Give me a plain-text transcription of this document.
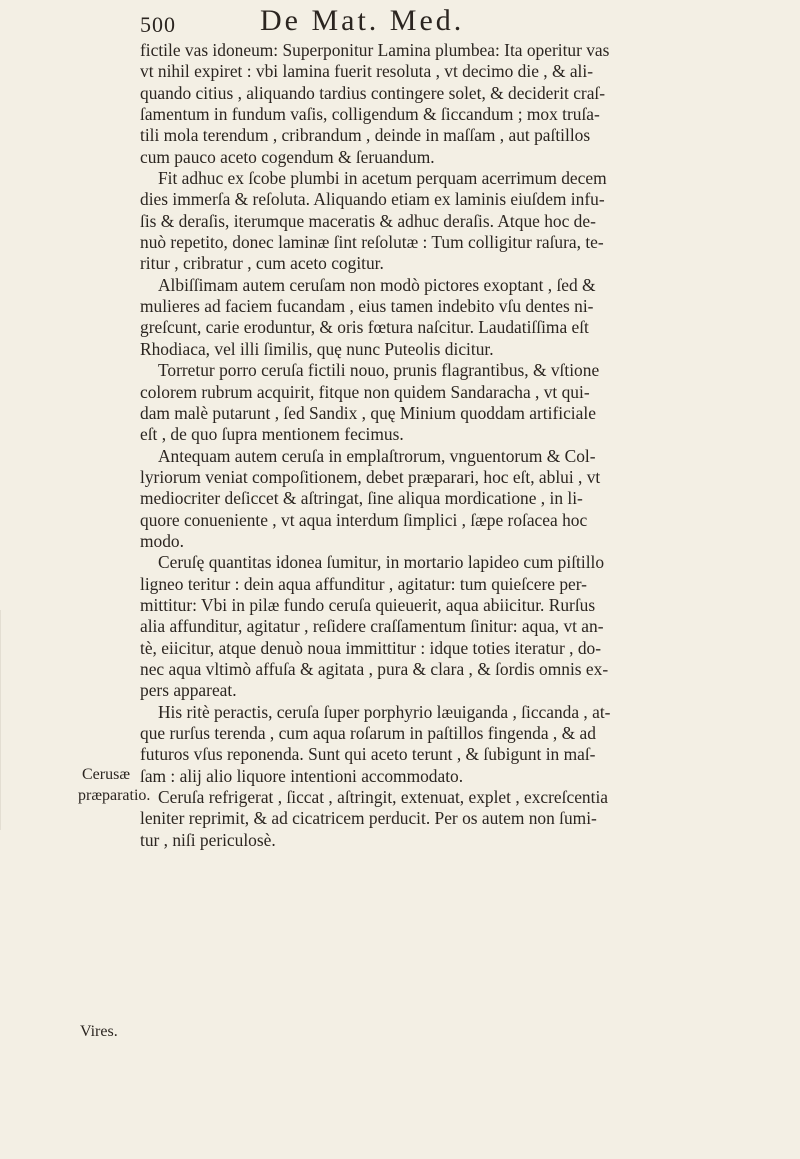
500	De Mat. Med.
Cerusæ
præparatio.
Vires.
fictile vas idoneum: Superponitur Lamina plumbea: Ita operitur vas
vt nihil expiret : vbi lamina fuerit resoluta , vt decimo die , & ali-
quando citius , aliquando tardius contingere solet, & deciderit craſ-
ſamentum in fundum vaſis, colligendum & ſiccandum ; mox truſa-
tili mola terendum , cribrandum , deinde in maſſam , aut paſtillos
cum pauco aceto cogendum & ſeruandum.
Fit adhuc ex ſcobe plumbi in acetum perquam acerrimum decem
dies immerſa & reſoluta. Aliquando etiam ex laminis eiuſdem infu-
ſis & deraſis, iterumque maceratis & adhuc deraſis. Atque hoc de-
nuò repetito, donec laminæ ſint reſolutæ : Tum colligitur raſura, te-
ritur , cribratur , cum aceto cogitur.
Albiſſimam autem ceruſam non modò pictores exoptant , ſed &
mulieres ad faciem fucandam , eius tamen indebito vſu dentes ni-
greſcunt, carie eroduntur, & oris fœtura naſcitur. Laudatiſſima eſt
Rhodiaca, vel illi ſimilis, quę nunc Puteolis dicitur.
Torretur porro ceruſa fictili nouo, prunis flagrantibus, & vſtione
colorem rubrum acquirit, fitque non quidem Sandaracha , vt qui-
dam malè putarunt , ſed Sandix , quę Minium quoddam artificiale
eſt , de quo ſupra mentionem fecimus.
Antequam autem ceruſa in emplaſtrorum, vnguentorum & Col-
lyriorum veniat compoſitionem, debet præparari, hoc eſt, ablui , vt
mediocriter deſiccet & aſtringat, ſine aliqua mordicatione , in li-
quore conueniente , vt aqua interdum ſimplici , ſæpe roſacea hoc
modo.
Ceruſę quantitas idonea ſumitur, in mortario lapideo cum piſtillo
ligneo teritur : dein aqua affunditur , agitatur: tum quieſcere per-
mittitur: Vbi in pilæ fundo ceruſa quieuerit, aqua abiicitur. Rurſus
alia affunditur, agitatur , reſidere craſſamentum ſinitur: aqua, vt an-
tè, eiicitur, atque denuò noua immittitur : idque toties iteratur , do-
nec aqua vltimò affuſa & agitata , pura & clara , & ſordis omnis ex-
pers appareat.
His ritè peractis, ceruſa ſuper porphyrio læuiganda , ſiccanda , at-
que rurſus terenda , cum aqua roſarum in paſtillos fingenda , & ad
futuros vſus reponenda. Sunt qui aceto terunt , & ſubigunt in maſ-
ſam : alij alio liquore intentioni accommodato.
Ceruſa refrigerat , ſiccat , aſtringit, extenuat, explet , excreſcentia
leniter reprimit, & ad cicatricem perducit. Per os autem non ſumi-
tur , niſi periculosè.
